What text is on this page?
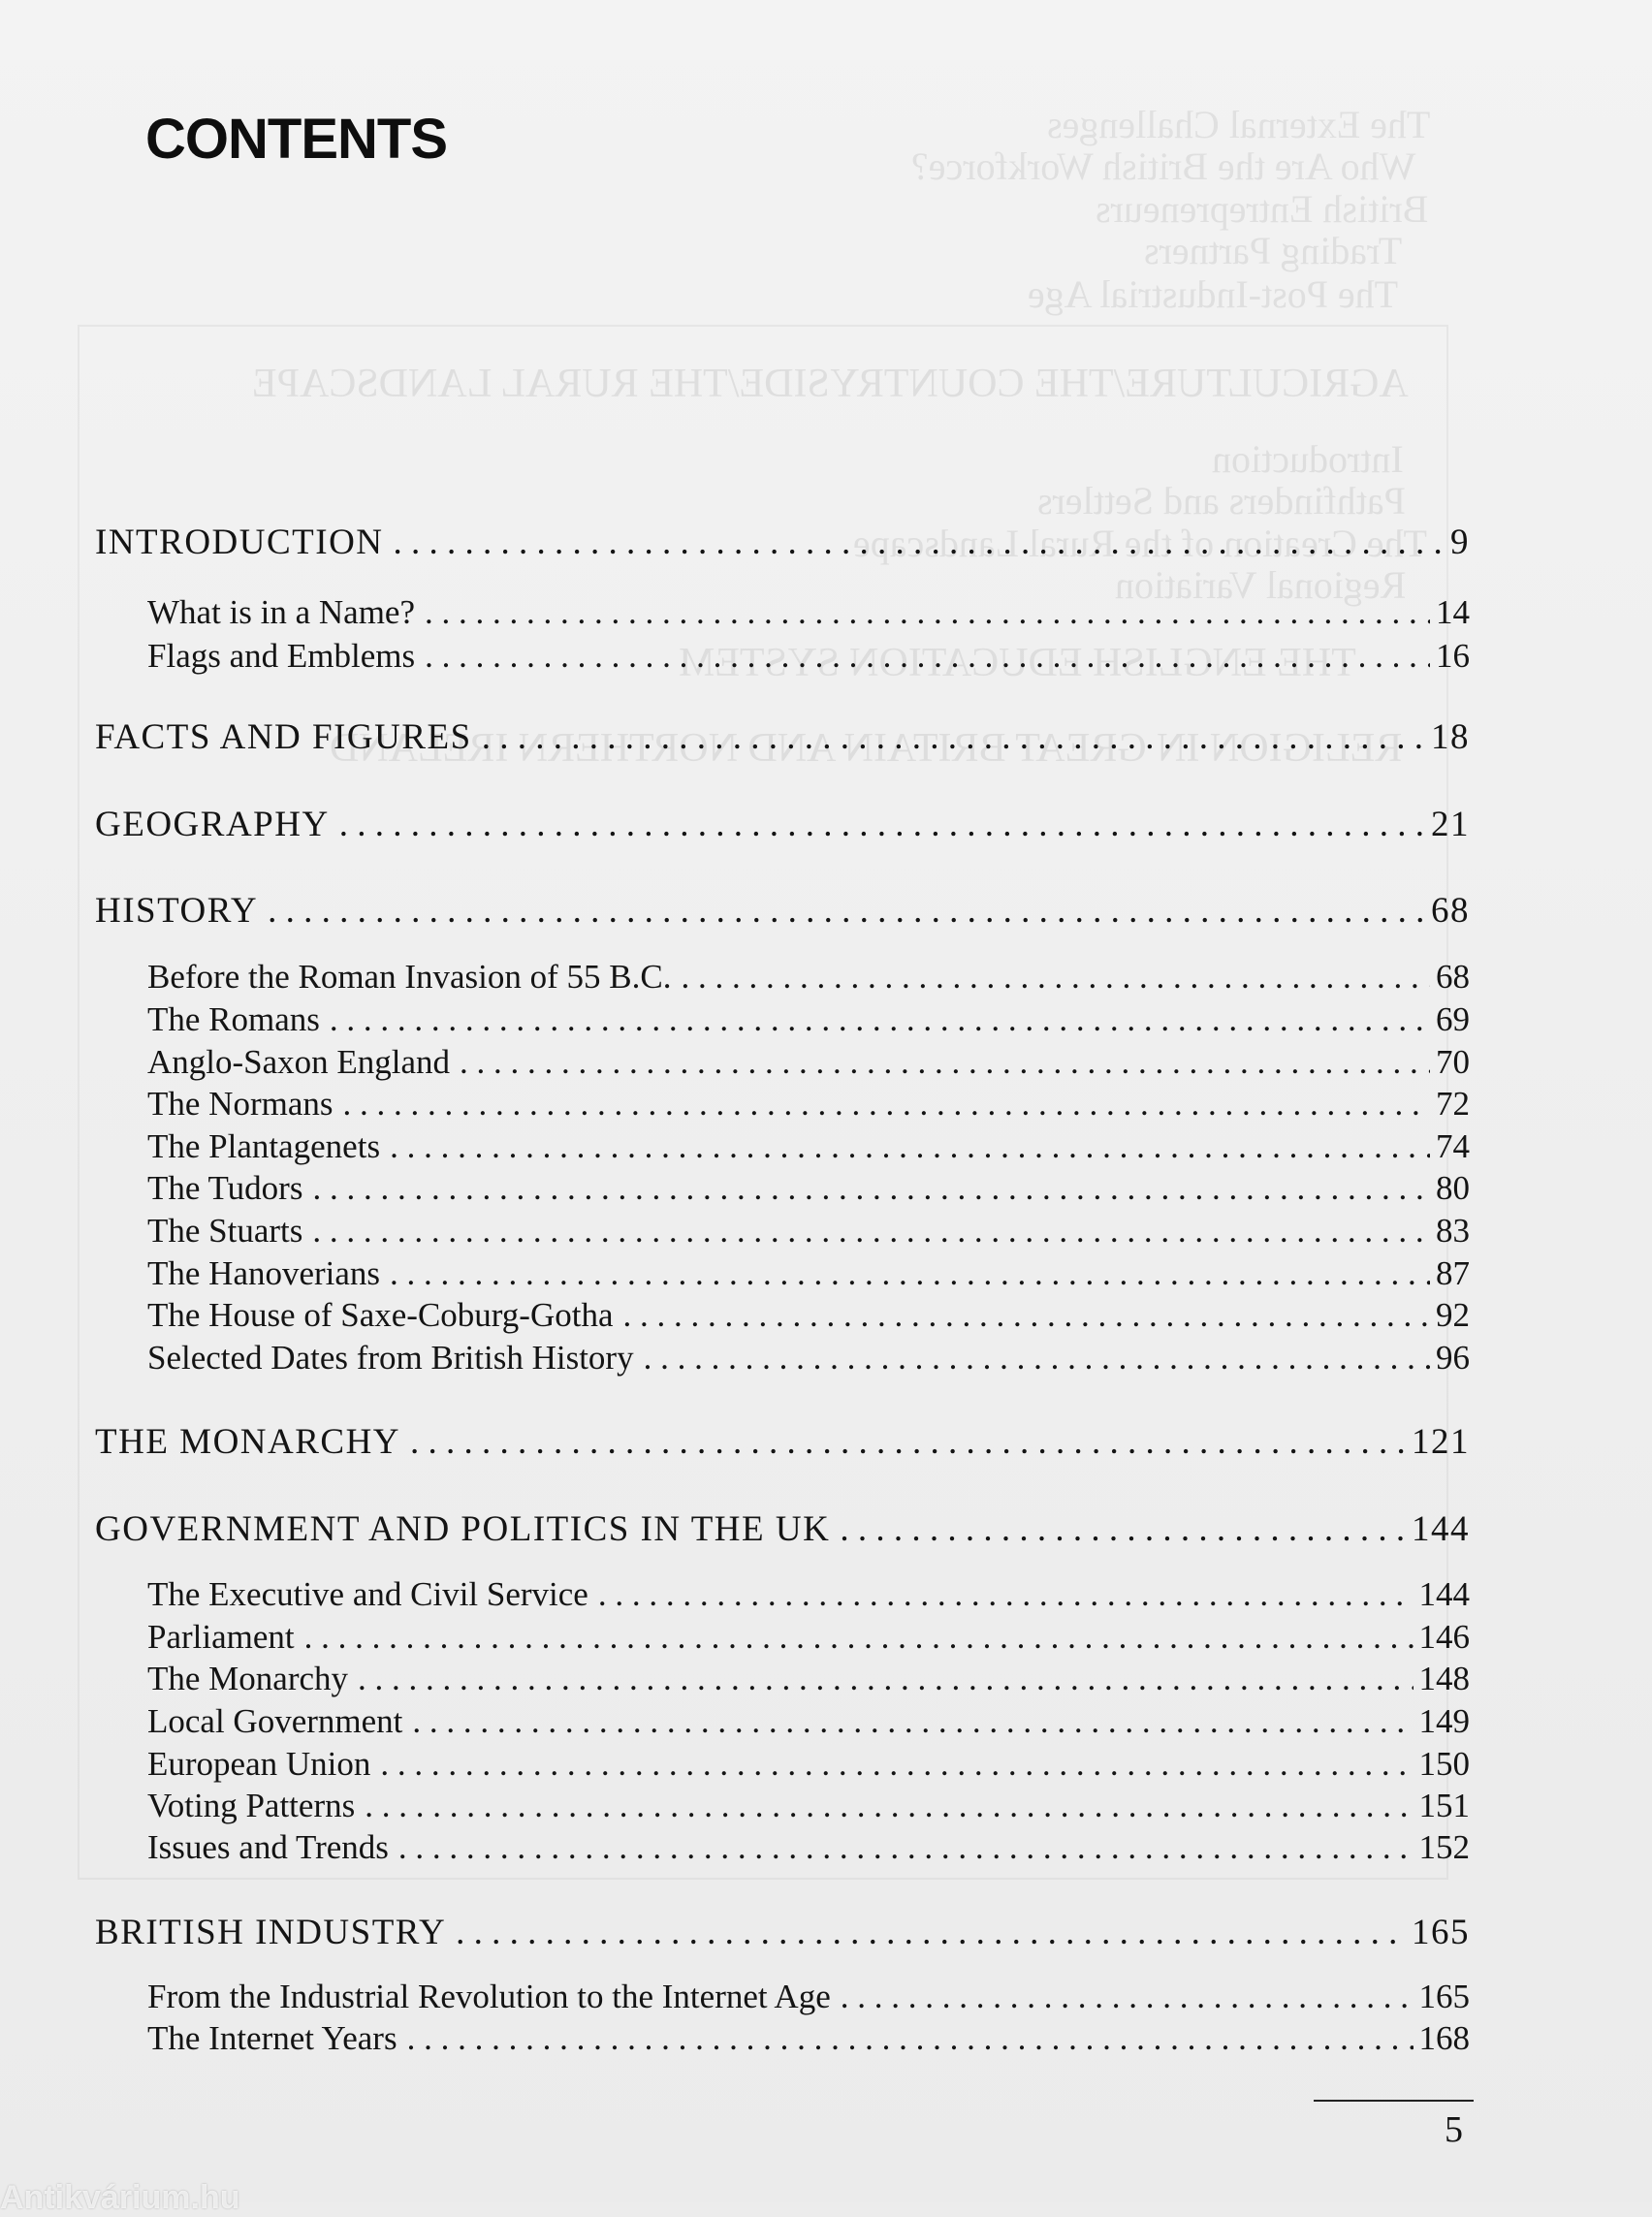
The External Challenges
Who Are the British Workforce?
British Entrepreneurs
Trading Partners
The Post-Industrial Age
AGRICULTURE/THE COUNTRYSIDE/THE RURAL LANDSCAPE
Introduction
Pathfinders and Settlers
The Creation of the Rural Landscape
Regional Variation
THE ENGLISH EDUCATION SYSTEM
RELIGION IN GREAT BRITAIN AND NORTHERN IRELAND
CONTENTS
INTRODUCTION . . .	9
What is in a Name? . . .	14
Flags and Emblems . . .	16
FACTS AND FIGURES . . .	18
GEOGRAPHY . . .	21
HISTORY . . .	68
Before the Roman Invasion of 55 B.C. . . .	68
The Romans . . .	69
Anglo-Saxon England . . .	70
The Normans . . .	72
The Plantagenets . . .	74
The Tudors . . .	80
The Stuarts . . .	83
The Hanoverians . . .	87
The House of Saxe-Coburg-Gotha . . .	92
Selected Dates from British History . . .	96
THE MONARCHY . . .	121
GOVERNMENT AND POLITICS IN THE UK . . .	144
The Executive and Civil Service . . .	144
Parliament . . .	146
The Monarchy . . .	148
Local Government . . .	149
European Union . . .	150
Voting Patterns . . .	151
Issues and Trends . . .	152
BRITISH INDUSTRY . . .	165
From the Industrial Revolution to the Internet Age . . .	165
The Internet Years . . .	168
5
Antikvárium.hu
